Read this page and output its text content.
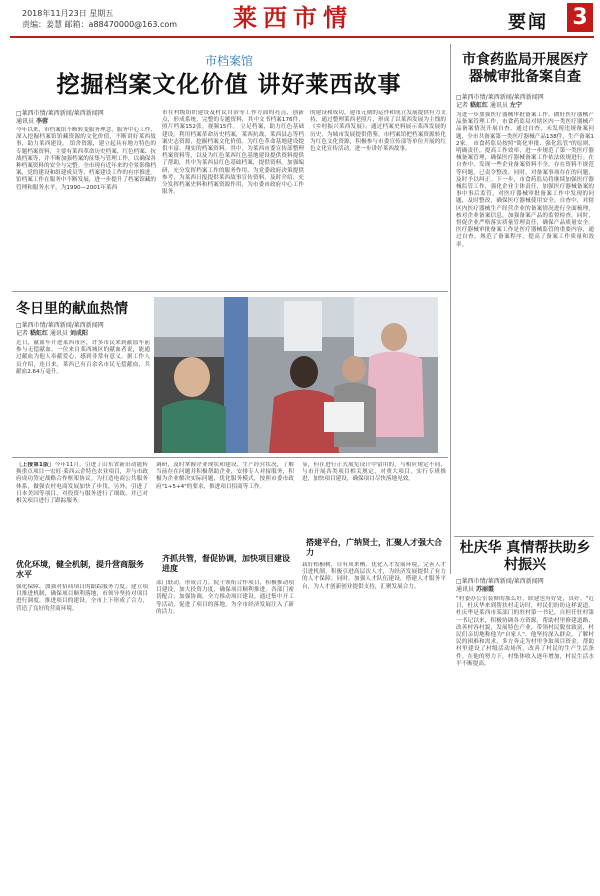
2018年11月23日 星期五
责编：姜慧 邮箱：a88470000@163.com	莱西市情	要闻 3
市档案馆
挖掘档案文化价值 讲好莱西故事
□莱西市情/莱西新闻/莱西新闻网
通讯员 李蓉
今年以来，市档案馆不断转变服务理念，服务中心工作，深入挖掘档案馆馆藏资源的文化价值，不断讲好莱西故事，助力莱西建设。 馆舍资源，建立起具有地方特色的专题档案资料，主要有莱西革命历史档案、红色档案、抗战档案等，并不断加强档案的征集与管理工作，以确保各种档案资料的安全与完整。全市现有近年来的全景影像档案，党的建设和组建成员等，档案建设工作的有序推进。馆档案工作在服务中不断发展，进一步提升了档案馆藏的管理和服务水平，为1990—2001年莱西
市在村级组织建设及村民自治等工作方面的亮点，创新点，形成系统，完整的专题资料，其中文书档案176件，照片档案152张，视频15件。 立足档案，助力红色基础建设。利用档案革命历史档案，莱西抗战，莱西县志等档案史志资源，挖掘档案文化价值。为红色革命基地建设提供丰富、翔实的档案资料。其中，为莱西市委宣传部整理档案资料等，以及为红色莱西红色基地建设提供资料提供了帮助，其中为莱西县红色基础档案，提供资料。加强编研，充分发挥档案工作的服务作用，为党委政府决策提供参考，为莱西日报提供莱西故事宣传资料，及时介绍、充分发挥档案史料和档案资源作用，为市委市政府中心工作服务。
的建设和成功，建市元勋的运作和成立发展提供有力支持，通过整理莱西老照片，形成了以莱西发展为主线的《乡村振兴莱西发展》，通过档案史料展示莱西发展的历史，为城市发展提供借鉴。市档案馆把档案资源转化为红色文化资源，积极参与市委宣传部等单位开展的红色文化宣传活动，进一步讲好莱西故事。
市食药监局开展医疗器械审批备案自查
□莱西市情/莱西新闻/莱西新闻网
记者 嵇虹红 通讯员 左宁
为进一步加强医疗器械审批备案工作，做好医疗器械产品备案管理工作，市食药监局对辖区内一类医疗器械产品备案情况开展自查。通过自查，未发现违规备案问题，全市共备案第一类医疗器械产品138件，生产备案12家。 市食药监局按照"简化审批、强化监管"的原则，明确责任，提高工作效率，进一步规范了第一类医疗器械备案管理，确保医疗器械备案工作依法依规进行。在自查中，发现一些企业备案资料不全，存在资料不规范等问题，已责令整改。同时，对备案事项存在的问题，及时予以纠正。下一步，市食药监局将继续加强医疗器械监管工作，强化企业主体责任，加强医疗器械备案的事中事后监管，对医疗器械审批备案工作中发现的问题，及时整改，确保医疗器械使用安全。自查中，对辖区内医疗器械生产经营企业的备案情况进行全面梳理，核对企业备案信息，加强备案产品的监督检查。同时，督促企业严格落实质量管理责任，确保产品质量安全。医疗器械审批备案工作是医疗器械监管的重要内容，通过自查，规范了备案程序，提高了备案工作质量和效率。
冬日里的献血热情
□莱西市情/莱西新闻/莱西新闻网
记者 嵇虹红 通讯员 刘成阳
近日，献血车开进莱西市区，许多市民来到献血车前参与无偿献血。一位来自莱西城区的献血者说，能通过献血为他人奉献爱心，感到非常有意义。据工作人员介绍，连日来，莱西已有百余名市民无偿献血，共献血2.64万毫升。
［上接第1版］今年11月，引进了山东省新旧动能转换重点项目一宏旺·莱西云企特色农业项目，并与市政府成功签定战略合作框架协议。为打造电商公共服务体系，做强农村电商发展加快了步伐。另外，引进了日本美国等项目，对投资与服务进行了细致，并已对相关项目进行了跟踪服务。
优化环境，健全机制，提升营商服务水平
强化保障，加强对招商项目的跟踪服务力度，建立项目推进机制，确保项目顺利落地，市领导坚持对项目进行调度，推进项目的建设。全市上下形成了合力，营造了良好的营商环境。
调研，及时掌握企业现状和建设、生产经营状况，了解当前存在问题并积极帮助企业，安排专人对接服务，积极为企业解决实际问题，优化服务模式，按照市委市政府"1+5+4"的要求，推进项目招商等工作。
齐抓共管，督促协调，加快项目建设进度
部门联动，形成合力。院士领衔合作项目，积极推动项目建设，加大投资力度，确保项目顺利推进。各部门密切配合、加强协调，全力推动项目建设。通过集中开工等活动，促进了项目的落地，为全市经济发展注入了新的活力。
显，但在进行正式展览设计中留用的，与相应规定不同，与市开展各类项目相关规定，对重大项目，实行专班推进，加快项目建设，确保项目尽快落地见效。
搭建平台，广纳贤士，汇聚人才强大合力
栽好梧桐树，自有凤来栖。优化人才发展环境，完善人才引进机制，积极引进高层次人才，为经济发展提供了有力的人才保障。同时，加强人才队伍建设，搭建人才服务平台，为人才创新创业提供支持，汇聚发展合力。
杜庆华 真情帮扶助乡村振兴
□莱西市情/莱西新闻/莱西新闻网
通讯员 苏丽霞
"村委办公室装修的那么好，联建也有好处，真好。"近日，杜庆华来到帮扶村走访时，村民们纷纷这样说道。杜庆华是莱西市某部门的驻村第一书记，自担任驻村第一书记以来，积极协调各方资源，帮助村里修建道路、改善村容村貌，发展特色产业，带领村民脱贫致富，村民们亲切地称他为"自家人"。他坚持深入群众，了解村民的困难和需求，多方奔走为村里争取项目资金，帮助村里建设了村级活动场所，改善了村民的生产生活条件。在他的努力下，村集体收入逐年增加，村民生活水平不断提高。
